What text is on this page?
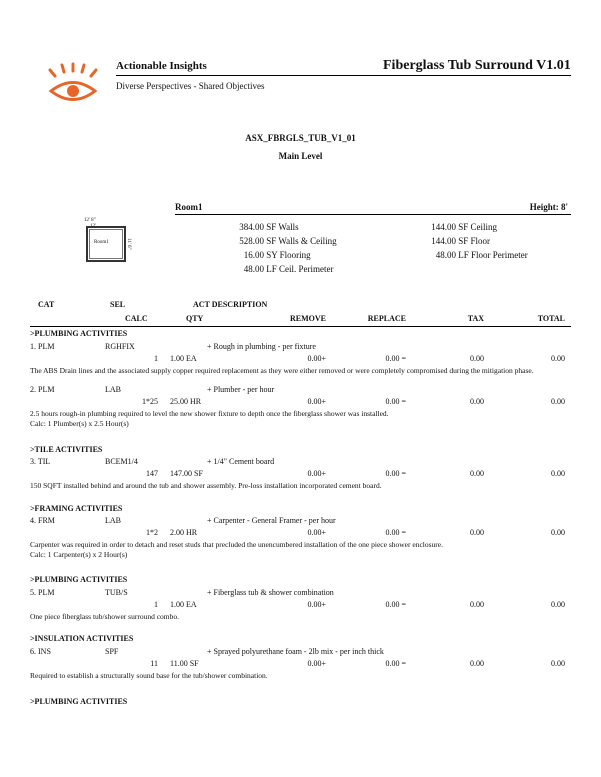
Actionable Insights	Fiberglass Tub Surround V1.01
Diverse Perspectives - Shared Objectives
ASX_FBRGLS_TUB_V1_01
Main Level
Room1	Height: 8'
12' 8"
12'
Room1	11' 6"
384.00 SF Walls
528.00 SF Walls & Ceiling
16.00 SY Flooring
48.00 LF Ceil. Perimeter
144.00 SF Ceiling
144.00 SF Floor
48.00 LF Floor Perimeter
CAT	SEL	ACT DESCRIPTION
CALC	QTY	REMOVE	REPLACE	TAX	TOTAL
>PLUMBING ACTIVITIES
1. PLM	RGHFIX	+ Rough in plumbing - per fixture
1 1.00 EA	0.00+	0.00 =	0.00	0.00
The ABS Drain lines and the associated supply copper required replacement as they were either removed or were completely compromised during the mitigation phase.
2. PLM	LAB	+ Plumber - per hour
1*25 25.00 HR	0.00+	0.00 =	0.00	0.00
2.5 hours rough-in plumbing required to level the new shower fixture to depth once the fiberglass shower was installed.
Calc: 1 Plumber(s) x 2.5 Hour(s)
>TILE ACTIVITIES
3. TIL	BCEM1/4	+ 1/4" Cement board
147 147.00 SF	0.00+	0.00 =	0.00	0.00
150 SQFT installed behind and around the tub and shower assembly. Pre-loss installation incorporated cement board.
>FRAMING ACTIVITIES
4. FRM	LAB	+ Carpenter - General Framer - per hour
1*2 2.00 HR	0.00+	0.00 =	0.00	0.00
Carpenter was required in order to detach and reset studs that precluded the unencumbered installation of the one piece shower enclosure.
Calc: 1 Carpenter(s) x 2 Hour(s)
>PLUMBING ACTIVITIES
5. PLM	TUB/S	+ Fiberglass tub & shower combination
1 1.00 EA	0.00+	0.00 =	0.00	0.00
One piece fiberglass tub/shower surround combo.
>INSULATION ACTIVITIES
6. INS	SPF	+ Sprayed polyurethane foam - 2lb mix - per inch thick
11 11.00 SF	0.00+	0.00 =	0.00	0.00
Required to establish a structurally sound base for the tub/shower combination.
>PLUMBING ACTIVITIES
